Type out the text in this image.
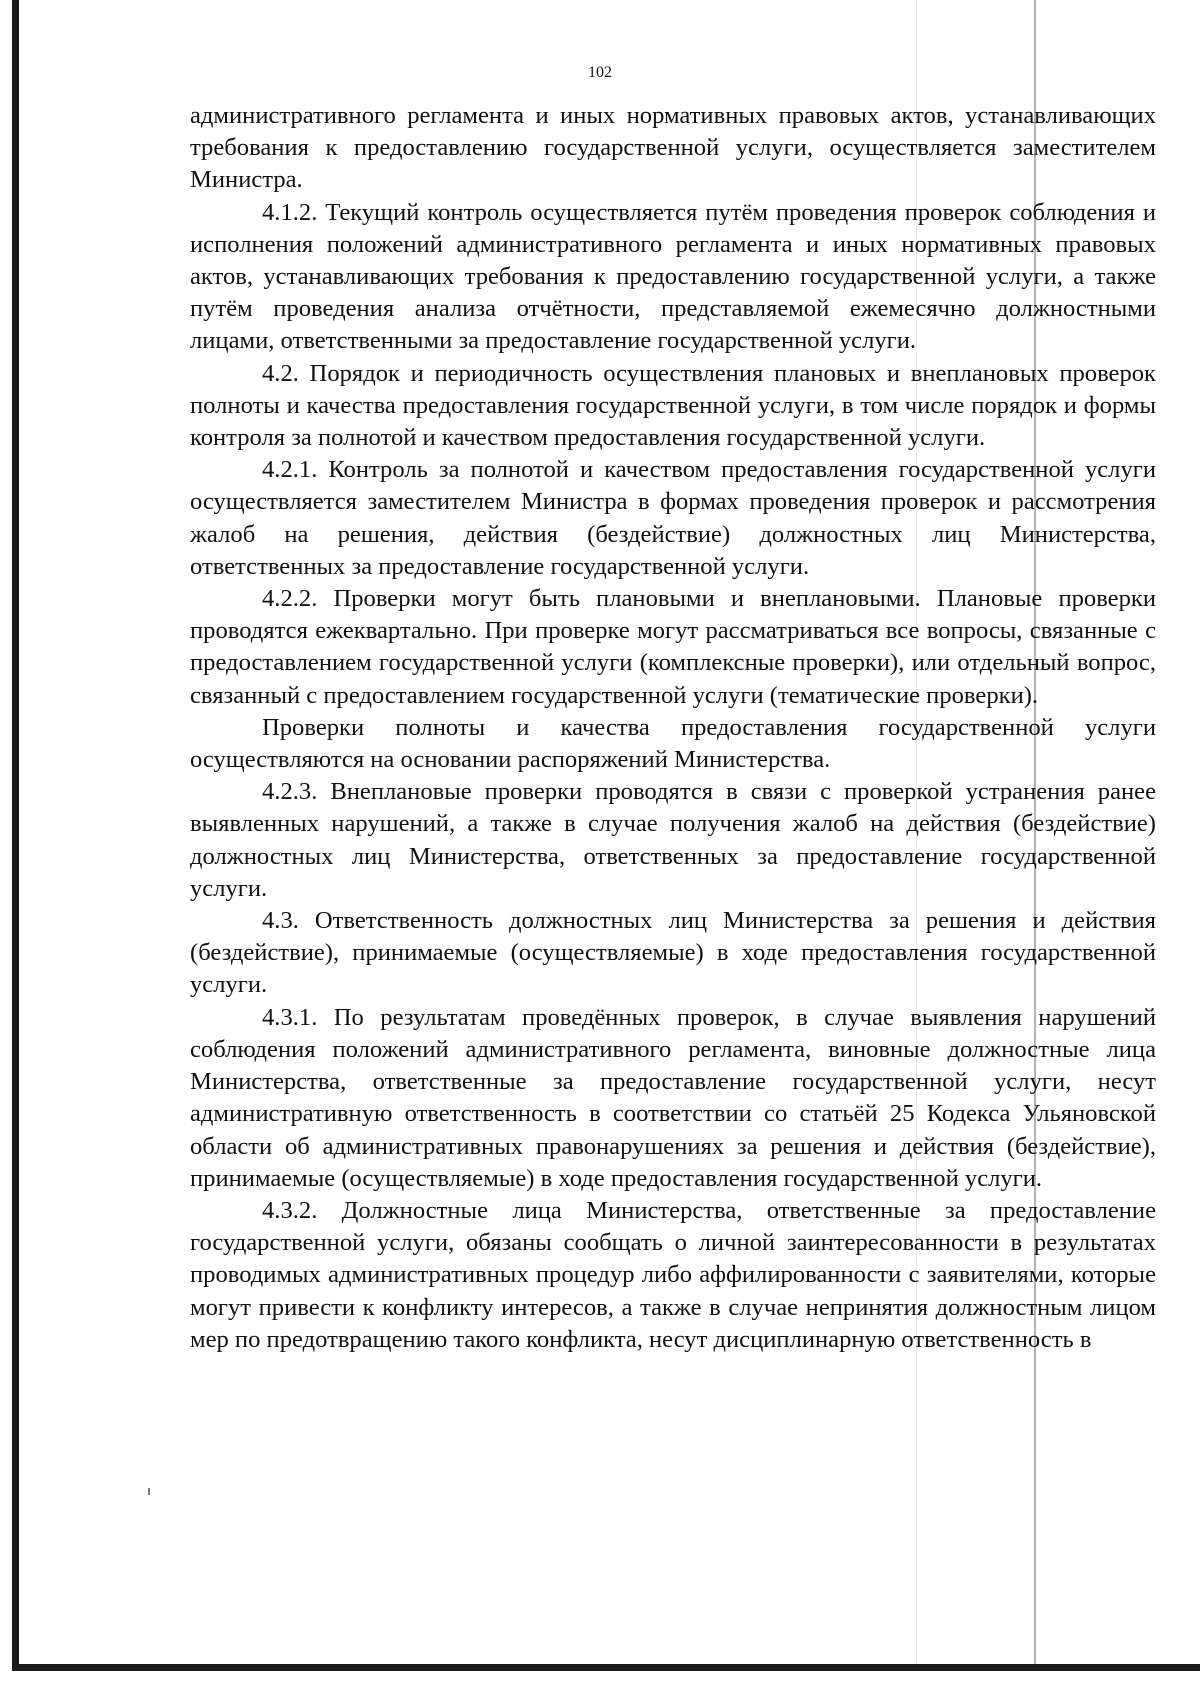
102

административного регламента и иных нормативных правовых актов, устанавливающих требования к предоставлению государственной услуги, осуществляется заместителем Министра.

4.1.2. Текущий контроль осуществляется путём проведения проверок соблюдения и исполнения положений административного регламента и иных нормативных правовых актов, устанавливающих требования к предоставлению государственной услуги, а также путём проведения анализа отчётности, представляемой ежемесячно должностными лицами, ответственными за предоставление государственной услуги.

4.2. Порядок и периодичность осуществления плановых и внеплановых проверок полноты и качества предоставления государственной услуги, в том числе порядок и формы контроля за полнотой и качеством предоставления государственной услуги.

4.2.1. Контроль за полнотой и качеством предоставления государственной услуги осуществляется заместителем Министра в формах проведения проверок и рассмотрения жалоб на решения, действия (бездействие) должностных лиц Министерства, ответственных за предоставление государственной услуги.

4.2.2. Проверки могут быть плановыми и внеплановыми. Плановые проверки проводятся ежеквартально. При проверке могут рассматриваться все вопросы, связанные с предоставлением государственной услуги (комплексные проверки), или отдельный вопрос, связанный с предоставлением государственной услуги (тематические проверки).

Проверки полноты и качества предоставления государственной услуги осуществляются на основании распоряжений Министерства.

4.2.3. Внеплановые проверки проводятся в связи с проверкой устранения ранее выявленных нарушений, а также в случае получения жалоб на действия (бездействие) должностных лиц Министерства, ответственных за предоставление государственной услуги.

4.3. Ответственность должностных лиц Министерства за решения и действия (бездействие), принимаемые (осуществляемые) в ходе предоставления государственной услуги.

4.3.1. По результатам проведённых проверок, в случае выявления нарушений соблюдения положений административного регламента, виновные должностные лица Министерства, ответственные за предоставление государственной услуги, несут административную ответственность в соответствии со статьёй 25 Кодекса Ульяновской области об административных правонарушениях за решения и действия (бездействие), принимаемые (осуществляемые) в ходе предоставления государственной услуги.

4.3.2. Должностные лица Министерства, ответственные за предоставление государственной услуги, обязаны сообщать о личной заинтересованности в результатах проводимых административных процедур либо аффилированности с заявителями, которые могут привести к конфликту интересов, а также в случае непринятия должностным лицом мер по предотвращению такого конфликта, несут дисциплинарную ответственность в
